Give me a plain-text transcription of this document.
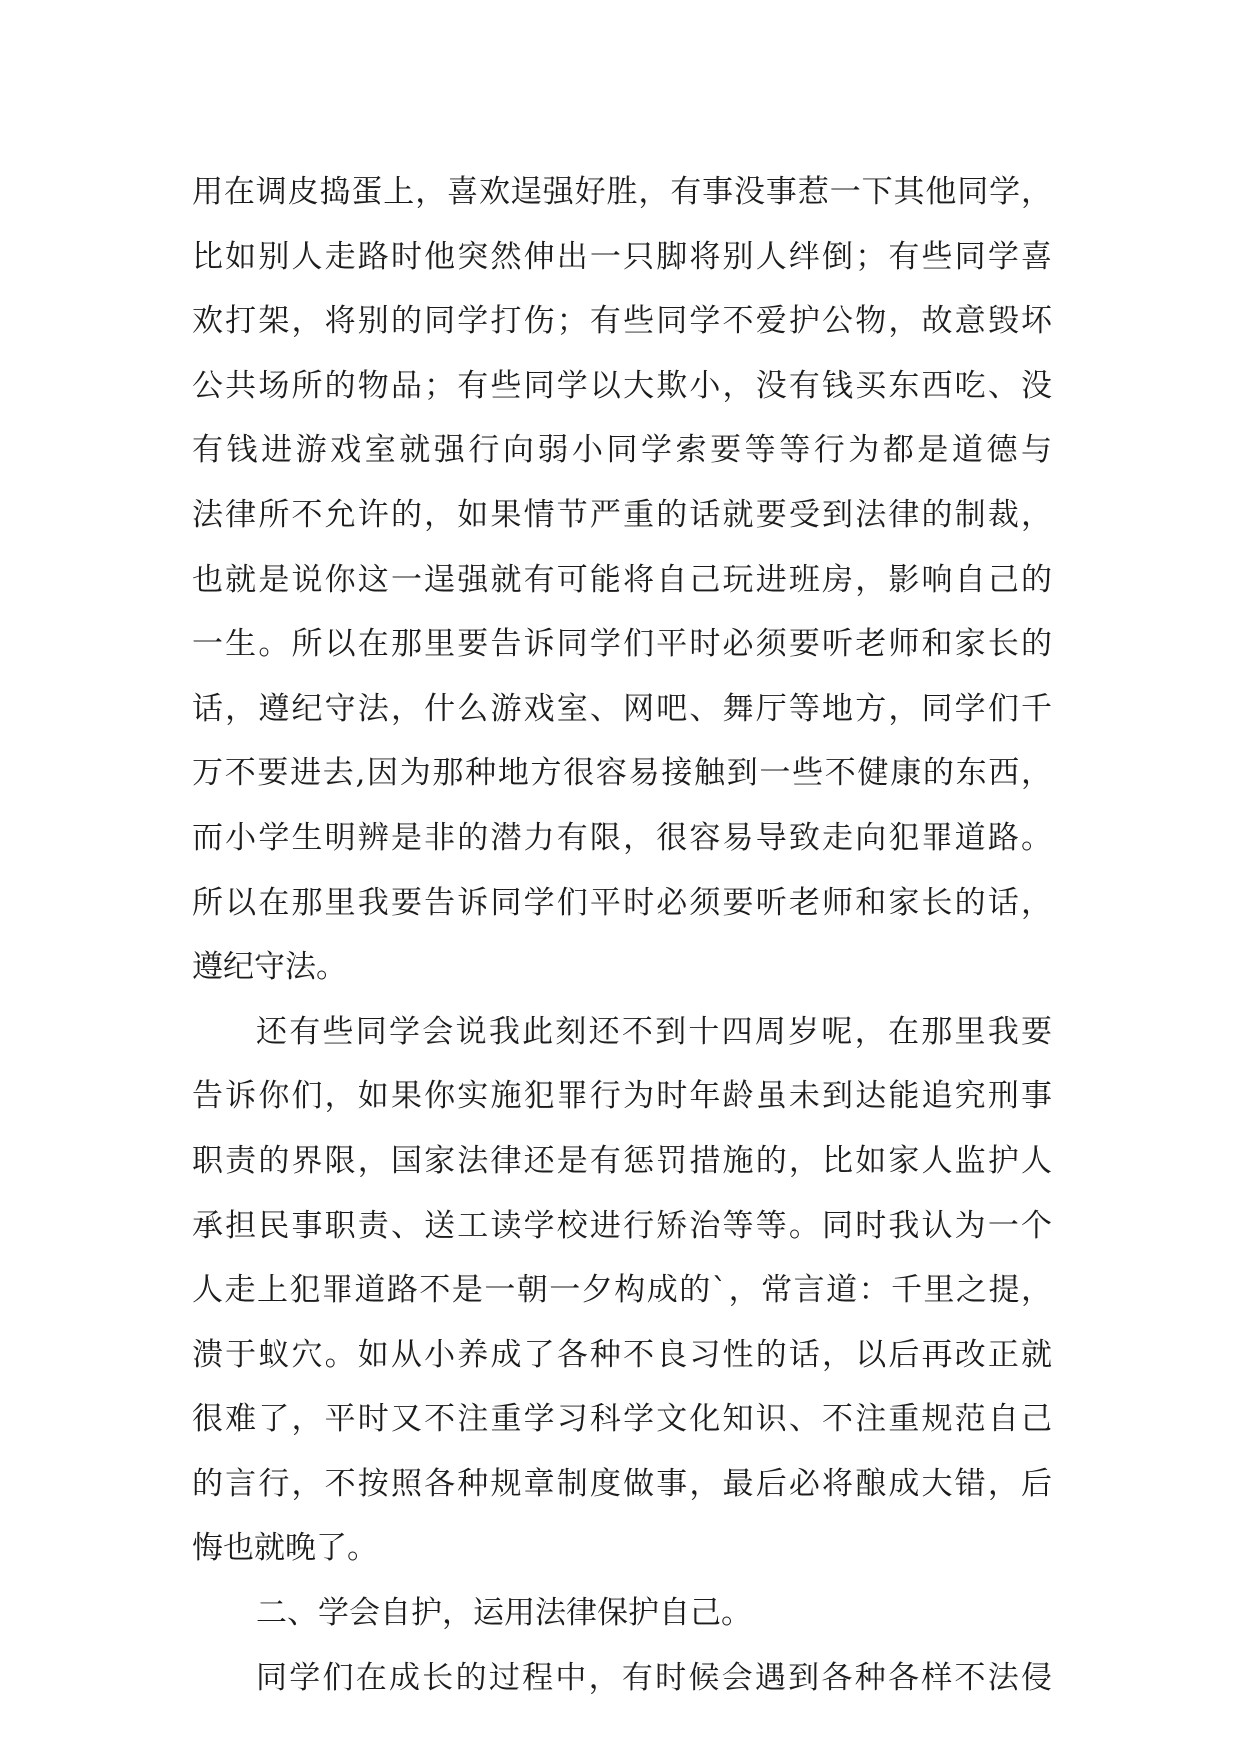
用在调皮捣蛋上，喜欢逞强好胜，有事没事惹一下其他同学，
比如别人走路时他突然伸出一只脚将别人绊倒；有些同学喜
欢打架，将别的同学打伤；有些同学不爱护公物，故意毁坏
公共场所的物品；有些同学以大欺小，没有钱买东西吃、没
有钱进游戏室就强行向弱小同学索要等等行为都是道德与
法律所不允许的，如果情节严重的话就要受到法律的制裁，
也就是说你这一逞强就有可能将自己玩进班房，影响自己的
一生。所以在那里要告诉同学们平时必须要听老师和家长的
话，遵纪守法，什么游戏室、网吧、舞厅等地方，同学们千
万不要进去,因为那种地方很容易接触到一些不健康的东西，
而小学生明辨是非的潜力有限，很容易导致走向犯罪道路。
所以在那里我要告诉同学们平时必须要听老师和家长的话，
遵纪守法。
还有些同学会说我此刻还不到十四周岁呢，在那里我要
告诉你们，如果你实施犯罪行为时年龄虽未到达能追究刑事
职责的界限，国家法律还是有惩罚措施的，比如家人监护人
承担民事职责、送工读学校进行矫治等等。同时我认为一个
人走上犯罪道路不是一朝一夕构成的`，常言道：千里之提，
溃于蚁穴。如从小养成了各种不良习性的话，以后再改正就
很难了，平时又不注重学习科学文化知识、不注重规范自己
的言行，不按照各种规章制度做事，最后必将酿成大错，后
悔也就晚了。
二、学会自护，运用法律保护自己。
同学们在成长的过程中，有时候会遇到各种各样不法侵
